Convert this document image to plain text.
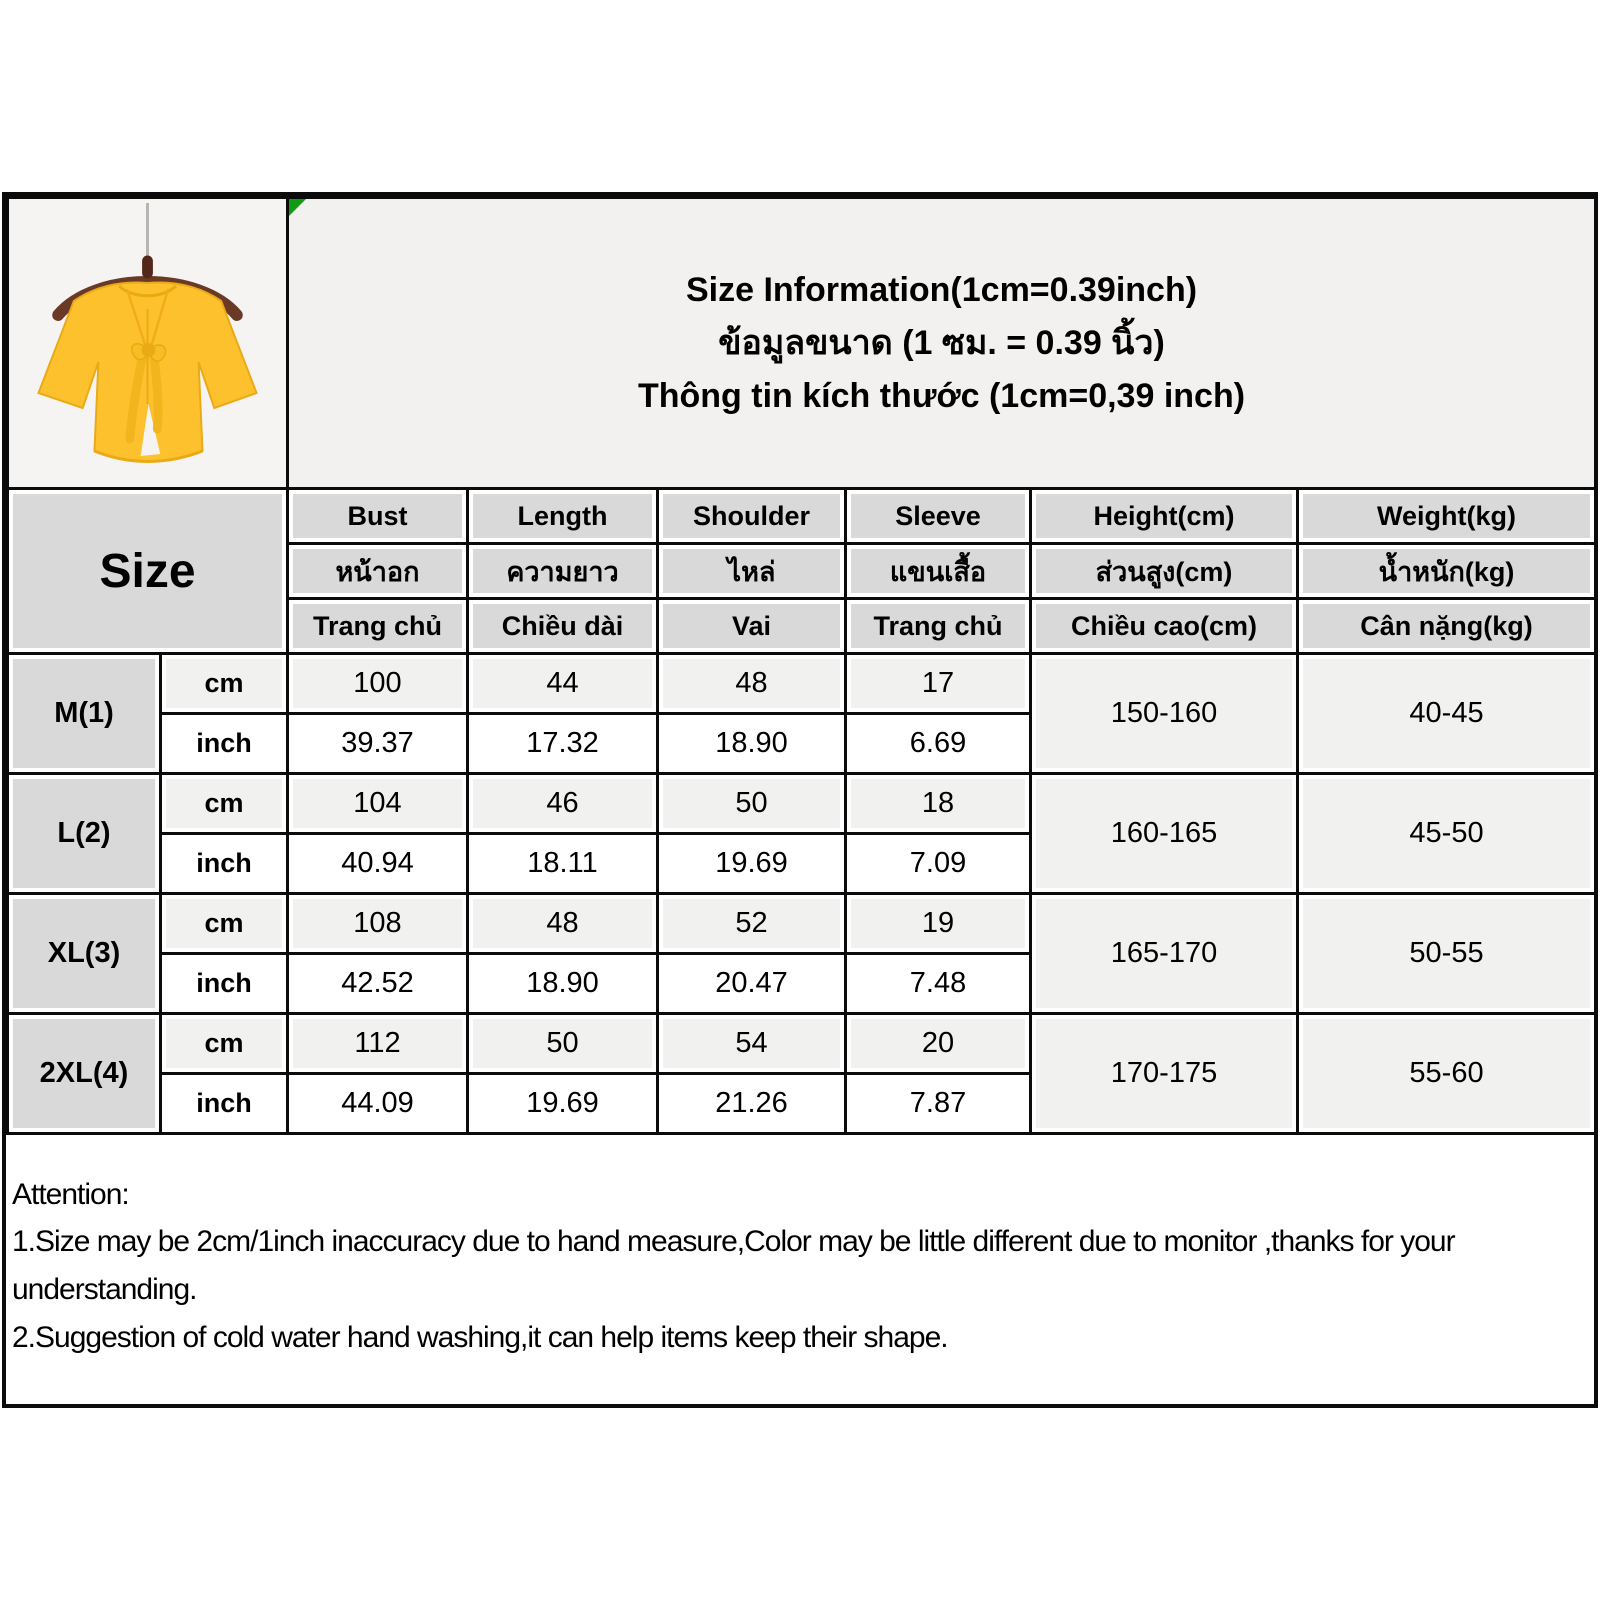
Size Information(1cm=0.39inch)
ข้อมูลขนาด (1 ซม. = 0.39 นิ้ว)
Thông tin kích thước (1cm=0,39 inch)					

Size		Bust	Length	Shoulder	Sleeve	Height(cm)	Weight(kg)
		หน้าอก	ความยาว	ไหล่	แขนเสื้อ	ส่วนสูง(cm)	น้ำหนัก(kg)
		Trang chủ	Chiều dài	Vai	Trang chủ	Chiều cao(cm)	Cân nặng(kg)
M(1)	cm	100	44	48	17	150-160	40-45
	inch	39.37	17.32	18.90	6.69		
L(2)	cm	104	46	50	18	160-165	45-50
	inch	40.94	18.11	19.69	7.09		
XL(3)	cm	108	48	52	19	165-170	50-55
	inch	42.52	18.90	20.47	7.48		
2XL(4)	cm	112	50	54	20	170-175	55-60
	inch	44.09	19.69	21.26	7.87		
Attention:
1.Size may be 2cm/1inch inaccuracy due to hand measure,Color may be little different due to monitor ,thanks for your understanding.
2.Suggestion of cold water hand washing,it can help items keep their shape.
